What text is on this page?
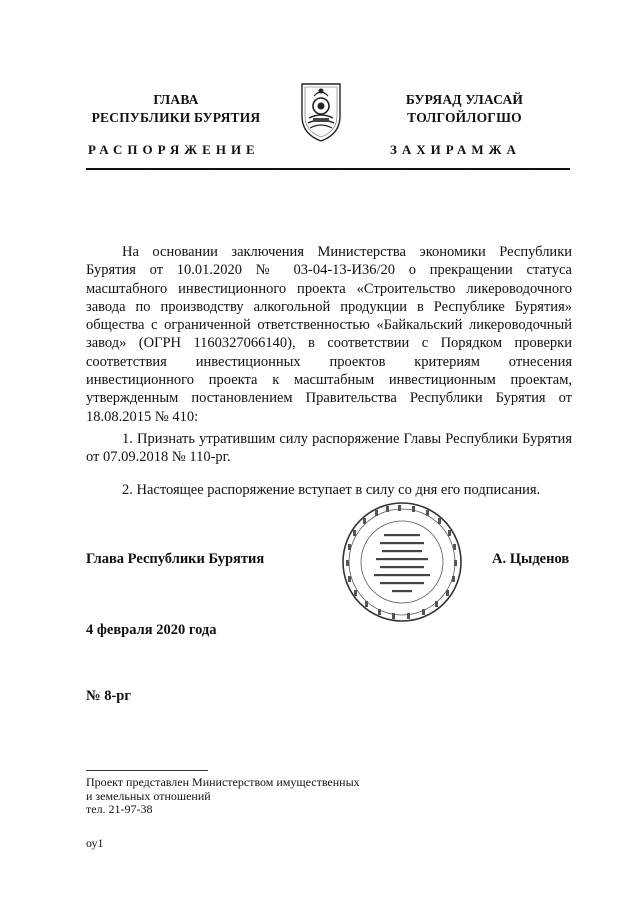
ГЛАВА
РЕСПУБЛИКИ БУРЯТИЯ
БУРЯАД УЛАСАЙ
ТОЛГОЙЛОГШО
РАСПОРЯЖЕНИЕ	ЗАХИРАМЖА
На основании заключения Министерства экономики Республики Бурятия от 10.01.2020 № 03-04-13-И36/20 о прекращении статуса масштабного инвестиционного проекта «Строительство ликероводочного завода по производству алкогольной продукции в Республике Бурятия» общества с ограниченной ответственностью «Байкальский ликероводочный завод» (ОГРН 1160327066140), в соответствии с Порядком проверки соответствия инвестиционных проектов критериям отнесения инвестиционного проекта к масштабным инвестиционным проектам, утвержденным постановлением Правительства Республики Бурятия от 18.08.2015 № 410:
1. Признать утратившим силу распоряжение Главы Республики Бурятия от 07.09.2018 № 110-рг.
2. Настоящее распоряжение вступает в силу со дня его подписания.
Глава Республики Бурятия	А. Цыденов
4 февраля 2020 года
№ 8-рг
Проект представлен Министерством имущественных
и земельных отношений
тел. 21-97-38
оу1
